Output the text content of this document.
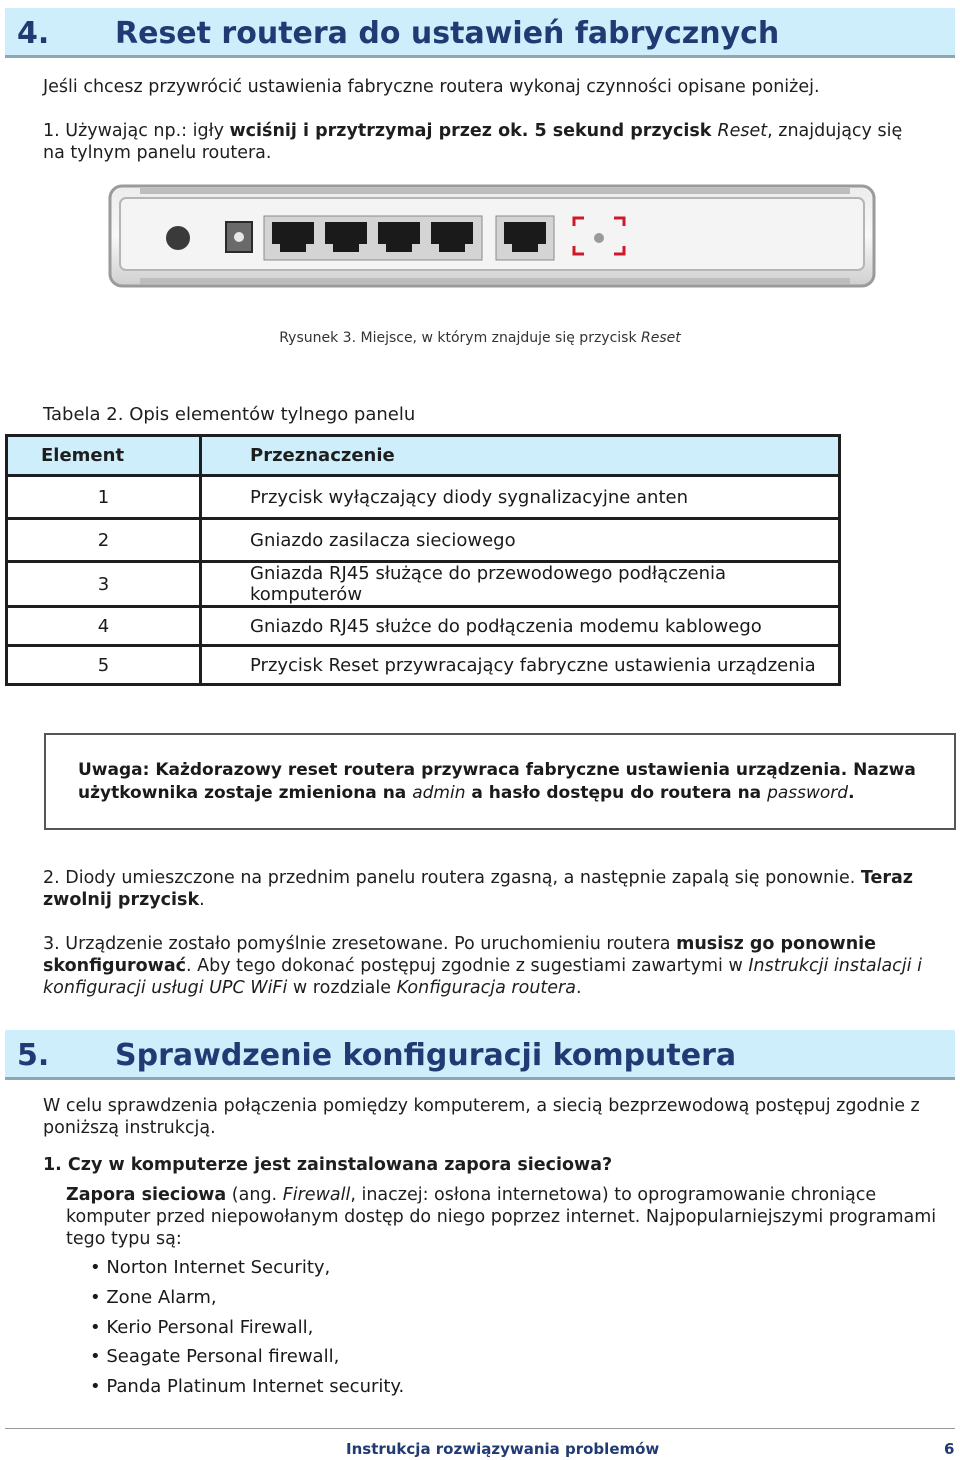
4. Reset routera do ustawień fabrycznych
Jeśli chcesz przywrócić ustawienia fabryczne routera wykonaj czynności opisane poniżej.
1. Używając np.: igły wciśnij i przytrzymaj przez ok. 5 sekund przycisk Reset, znajdujący się na tylnym panelu routera.
Rysunek 3. Miejsce, w którym znajduje się przycisk Reset
Tabela 2. Opis elementów tylnego panelu
Element	Przeznaczenie
1	Przycisk wyłączający diody sygnalizacyjne anten
2	Gniazdo zasilacza sieciowego
3	Gniazda RJ45 służące do przewodowego podłączenia komputerów
4	Gniazdo RJ45 służce do podłączenia modemu kablowego
5	Przycisk Reset przywracający fabryczne ustawienia urządzenia
Uwaga: Każdorazowy reset routera przywraca fabryczne ustawienia urządzenia. Nazwa użytkownika zostaje zmieniona na admin a hasło dostępu do routera na password.
2. Diody umieszczone na przednim panelu routera zgasną, a następnie zapalą się ponownie. Teraz zwolnij przycisk.
3. Urządzenie zostało pomyślnie zresetowane. Po uruchomieniu routera musisz go ponownie skonfigurować. Aby tego dokonać postępuj zgodnie z sugestiami zawartymi w Instrukcji instalacji i konfiguracji usługi UPC WiFi w rozdziale Konfiguracja routera.
5. Sprawdzenie konfiguracji komputera
W celu sprawdzenia połączenia pomiędzy komputerem, a siecią bezprzewodową postępuj zgodnie z poniższą instrukcją.
1. Czy w komputerze jest zainstalowana zapora sieciowa?
Zapora sieciowa (ang. Firewall, inaczej: osłona internetowa) to oprogramowanie chroniące komputer przed niepowołanym dostęp do niego poprzez internet. Najpopularniejszymi programami tego typu są:
• Norton Internet Security,
• Zone Alarm,
• Kerio Personal Firewall,
• Seagate Personal firewall,
• Panda Platinum Internet security.
Instrukcja rozwiązywania problemów	6
